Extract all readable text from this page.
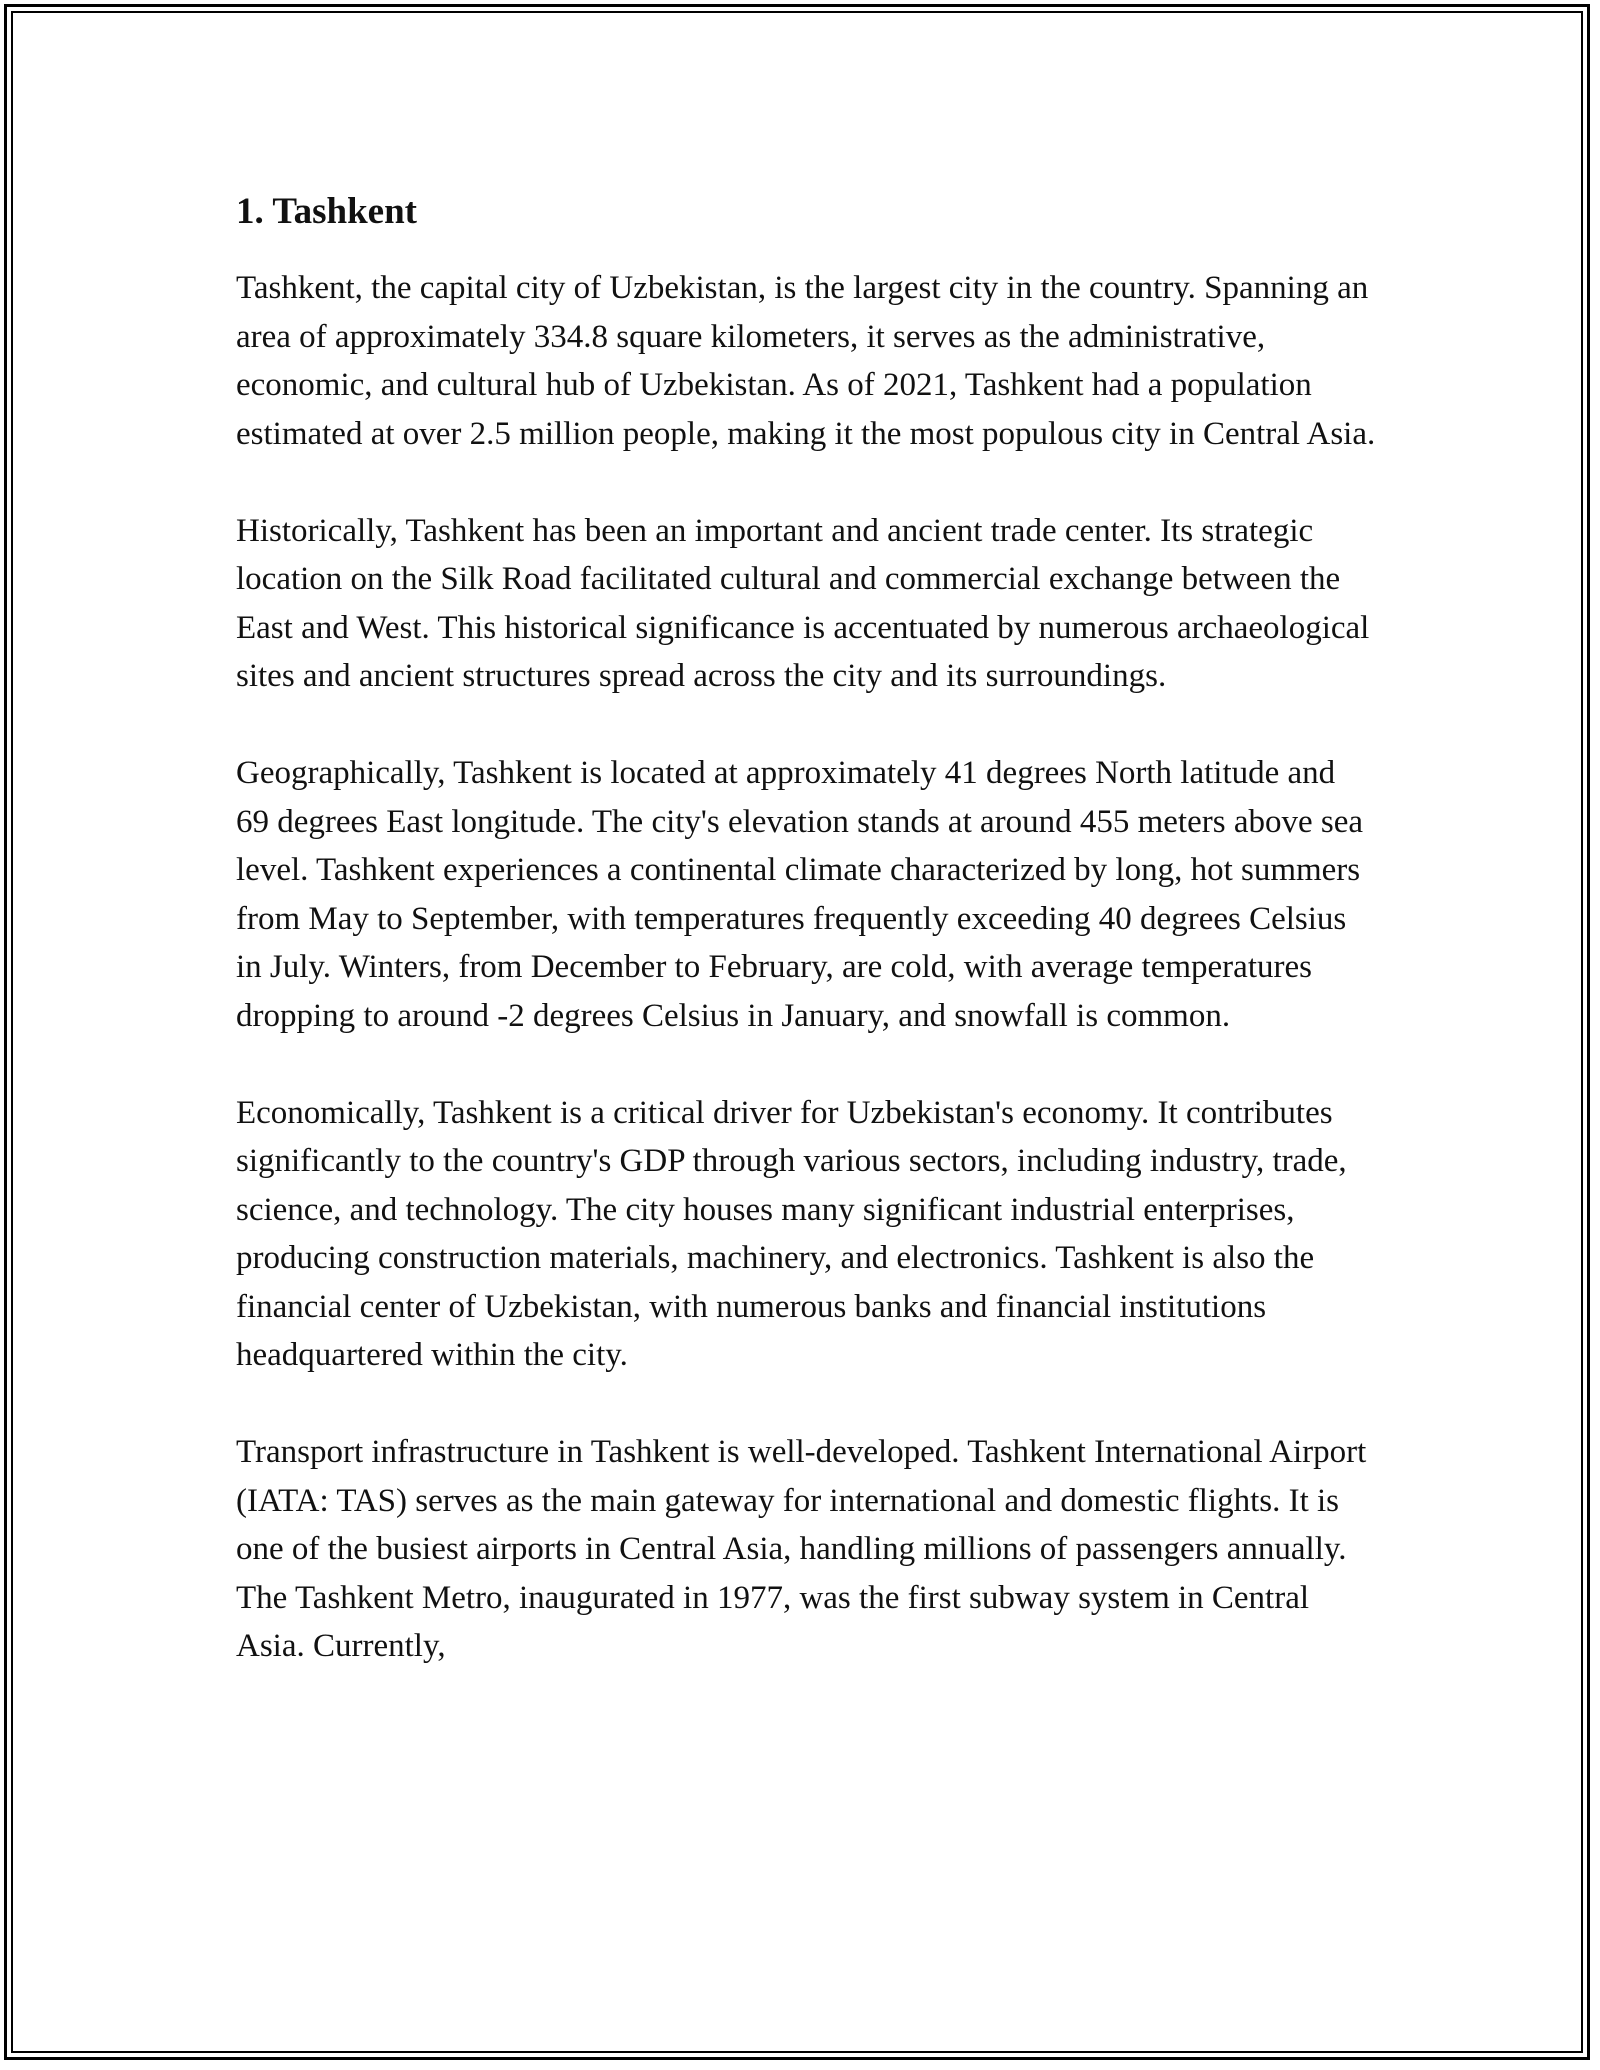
1. Tashkent

Tashkent, the capital city of Uzbekistan, is the largest city in the country. Spanning an area of approximately 334.8 square kilometers, it serves as the administrative, economic, and cultural hub of Uzbekistan. As of 2021, Tashkent had a population estimated at over 2.5 million people, making it the most populous city in Central Asia.

Historically, Tashkent has been an important and ancient trade center. Its strategic location on the Silk Road facilitated cultural and commercial exchange between the East and West. This historical significance is accentuated by numerous archaeological sites and ancient structures spread across the city and its surroundings.

Geographically, Tashkent is located at approximately 41 degrees North latitude and 69 degrees East longitude. The city's elevation stands at around 455 meters above sea level. Tashkent experiences a continental climate characterized by long, hot summers from May to September, with temperatures frequently exceeding 40 degrees Celsius in July. Winters, from December to February, are cold, with average temperatures dropping to around -2 degrees Celsius in January, and snowfall is common.

Economically, Tashkent is a critical driver for Uzbekistan's economy. It contributes significantly to the country's GDP through various sectors, including industry, trade, science, and technology. The city houses many significant industrial enterprises, producing construction materials, machinery, and electronics. Tashkent is also the financial center of Uzbekistan, with numerous banks and financial institutions headquartered within the city.

Transport infrastructure in Tashkent is well-developed. Tashkent International Airport (IATA: TAS) serves as the main gateway for international and domestic flights. It is one of the busiest airports in Central Asia, handling millions of passengers annually. The Tashkent Metro, inaugurated in 1977, was the first subway system in Central Asia. Currently,
